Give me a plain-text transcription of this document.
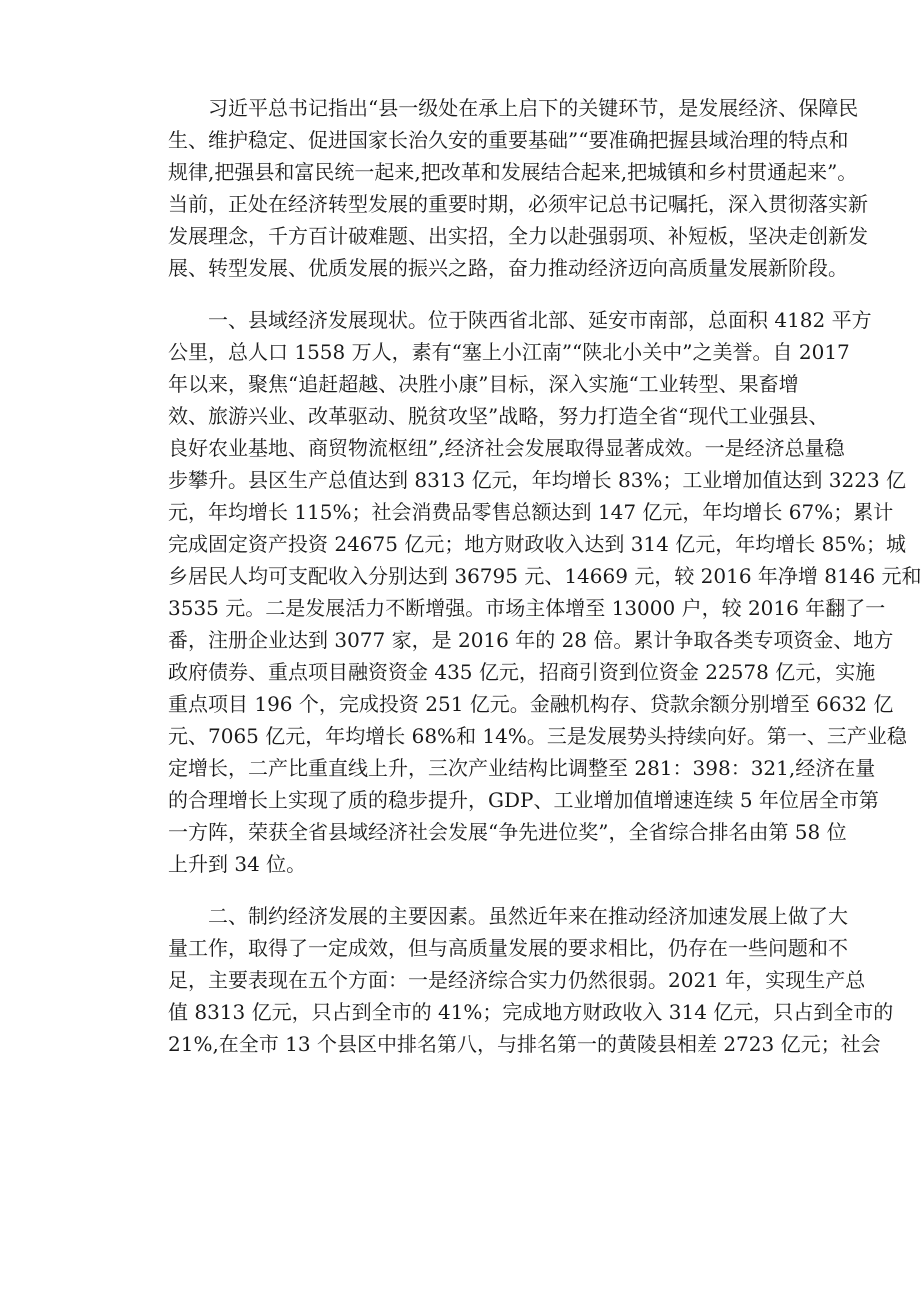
习近平总书记指出“县一级处在承上启下的关键环节，是发展经济、保障民
生、维护稳定、促进国家长治久安的重要基础”“要准确把握县域治理的特点和
规律,把强县和富民统一起来,把改革和发展结合起来,把城镇和乡村贯通起来”。
当前，正处在经济转型发展的重要时期，必须牢记总书记嘱托，深入贯彻落实新
发展理念，千方百计破难题、出实招，全力以赴强弱项、补短板，坚决走创新发
展、转型发展、优质发展的振兴之路，奋力推动经济迈向高质量发展新阶段。
一、县域经济发展现状。位于陕西省北部、延安市南部，总面积 4182 平方
公里，总人口 1558 万人，素有“塞上小江南”“陕北小关中”之美誉。自 2017
年以来，聚焦“追赶超越、决胜小康”目标，深入实施“工业转型、果畜增
效、旅游兴业、改革驱动、脱贫攻坚”战略，努力打造全省“现代工业强县、
良好农业基地、商贸物流枢纽”,经济社会发展取得显著成效。一是经济总量稳
步攀升。县区生产总值达到 8313 亿元，年均增长 83%；工业增加值达到 3223 亿
元，年均增长 115%；社会消费品零售总额达到 147 亿元，年均增长 67%；累计
完成固定资产投资 24675 亿元；地方财政收入达到 314 亿元，年均增长 85%；城
乡居民人均可支配收入分别达到 36795 元、14669 元，较 2016 年净增 8146 元和
3535 元。二是发展活力不断增强。市场主体增至 13000 户，较 2016 年翻了一
番，注册企业达到 3077 家，是 2016 年的 28 倍。累计争取各类专项资金、地方
政府债券、重点项目融资资金 435 亿元，招商引资到位资金 22578 亿元，实施
重点项目 196 个，完成投资 251 亿元。金融机构存、贷款余额分别增至 6632 亿
元、7065 亿元，年均增长 68%和 14%。三是发展势头持续向好。第一、三产业稳
定增长，二产比重直线上升，三次产业结构比调整至 281：398：321,经济在量
的合理增长上实现了质的稳步提升，GDP、工业增加值增速连续 5 年位居全市第
一方阵，荣获全省县域经济社会发展“争先进位奖”，全省综合排名由第 58 位
上升到 34 位。
二、制约经济发展的主要因素。虽然近年来在推动经济加速发展上做了大
量工作，取得了一定成效，但与高质量发展的要求相比，仍存在一些问题和不
足，主要表现在五个方面：一是经济综合实力仍然很弱。2021 年，实现生产总
值 8313 亿元，只占到全市的 41%；完成地方财政收入 314 亿元，只占到全市的
21%,在全市 13 个县区中排名第八，与排名第一的黄陵县相差 2723 亿元；社会
